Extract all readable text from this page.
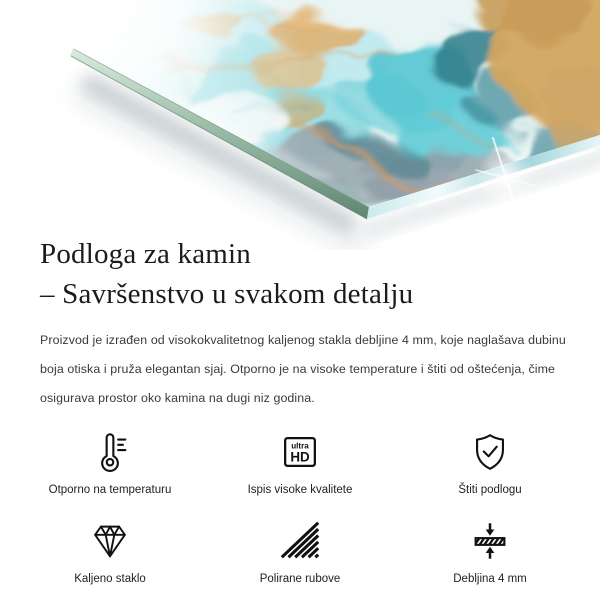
Podloga za kamin
– Savršenstvo u svakom detalju
Proizvod je izrađen od visokokvalitetnog kaljenog stakla debljine 4 mm, koje naglašava dubinu
boja otiska i pruža elegantan sjaj. Otporno je na visoke temperature i štiti od oštećenja, čime
osigurava prostor oko kamina na dugi niz godina.
Otporno na temperaturu
ultra
HD
Ispis visoke kvalitete	Štiti podlogu
Kaljeno staklo	Polirane rubove	Debljina 4 mm
